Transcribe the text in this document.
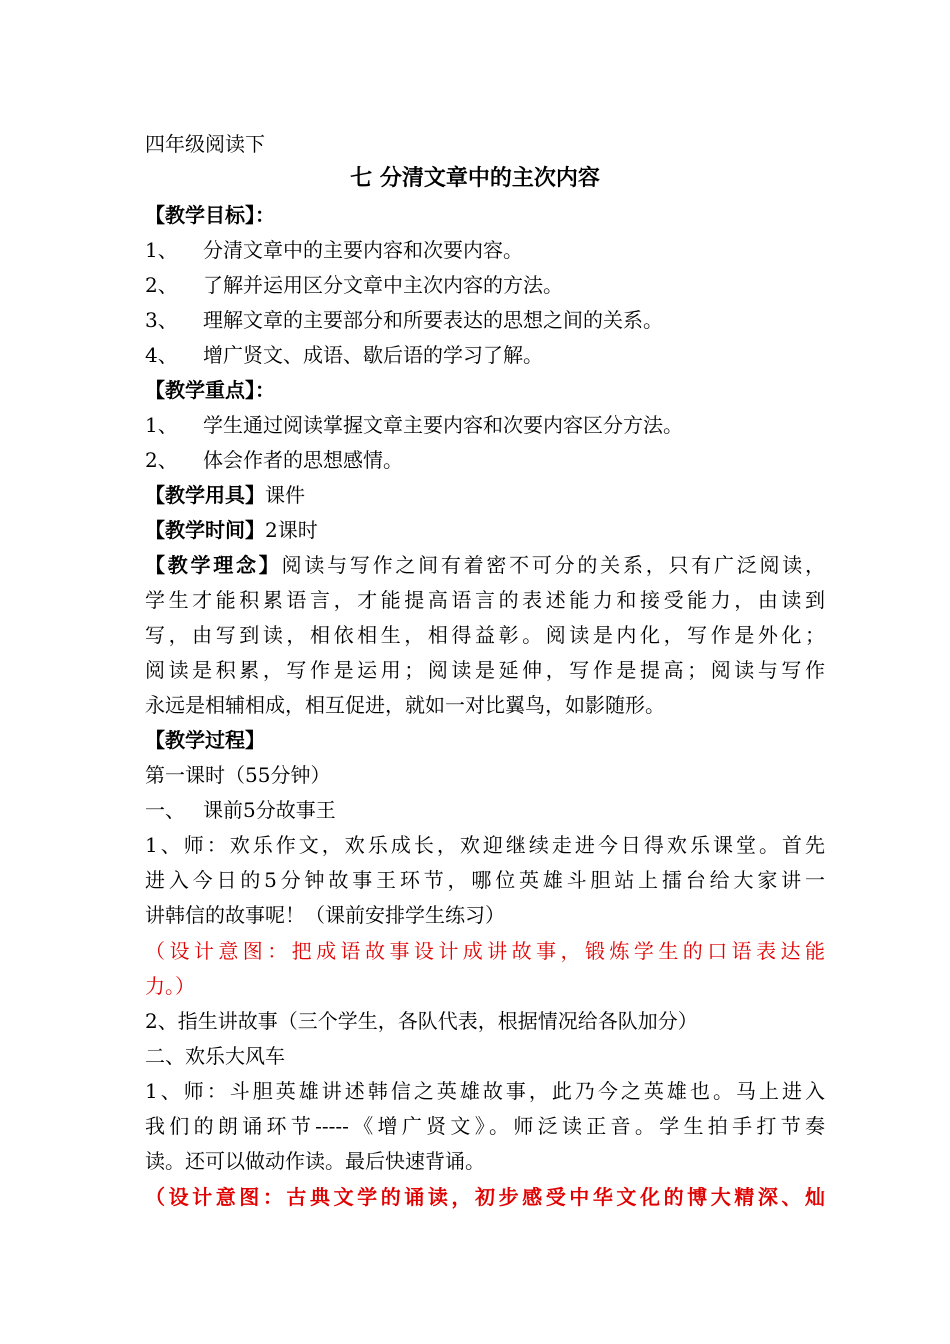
四年级阅读下
七 分清文章中的主次内容
【教学目标】：
1、 分清文章中的主要内容和次要内容。
2、 了解并运用区分文章中主次内容的方法。
3、 理解文章的主要部分和所要表达的思想之间的关系。
4、 增广贤文、成语、歇后语的学习了解。
【教学重点】：
1、 学生通过阅读掌握文章主要内容和次要内容区分方法。
2、 体会作者的思想感情。
【教学用具】课件
【教学时间】2课时
【教学理念】阅读与写作之间有着密不可分的关系，只有广泛阅读，
学生才能积累语言，才能提高语言的表述能力和接受能力，由读到
写，由写到读，相依相生，相得益彰。阅读是内化，写作是外化；
阅读是积累，写作是运用；阅读是延伸，写作是提高；阅读与写作
永远是相辅相成，相互促进，就如一对比翼鸟，如影随形。
【教学过程】
第一课时（55分钟）
一、 课前5分故事王
1、师：欢乐作文，欢乐成长，欢迎继续走进今日得欢乐课堂。首先
进入今日的5分钟故事王环节，哪位英雄斗胆站上擂台给大家讲一
讲韩信的故事呢！（课前安排学生练习）
（设计意图：把成语故事设计成讲故事，锻炼学生的口语表达能
力。）
2、指生讲故事（三个学生，各队代表，根据情况给各队加分）
二、欢乐大风车
1、师：斗胆英雄讲述韩信之英雄故事，此乃今之英雄也。马上进入
我们的朗诵环节-----《增广贤文》。师泛读正音。学生拍手打节奏
读。还可以做动作读。最后快速背诵。
（设计意图：古典文学的诵读，初步感受中华文化的博大精深、灿
